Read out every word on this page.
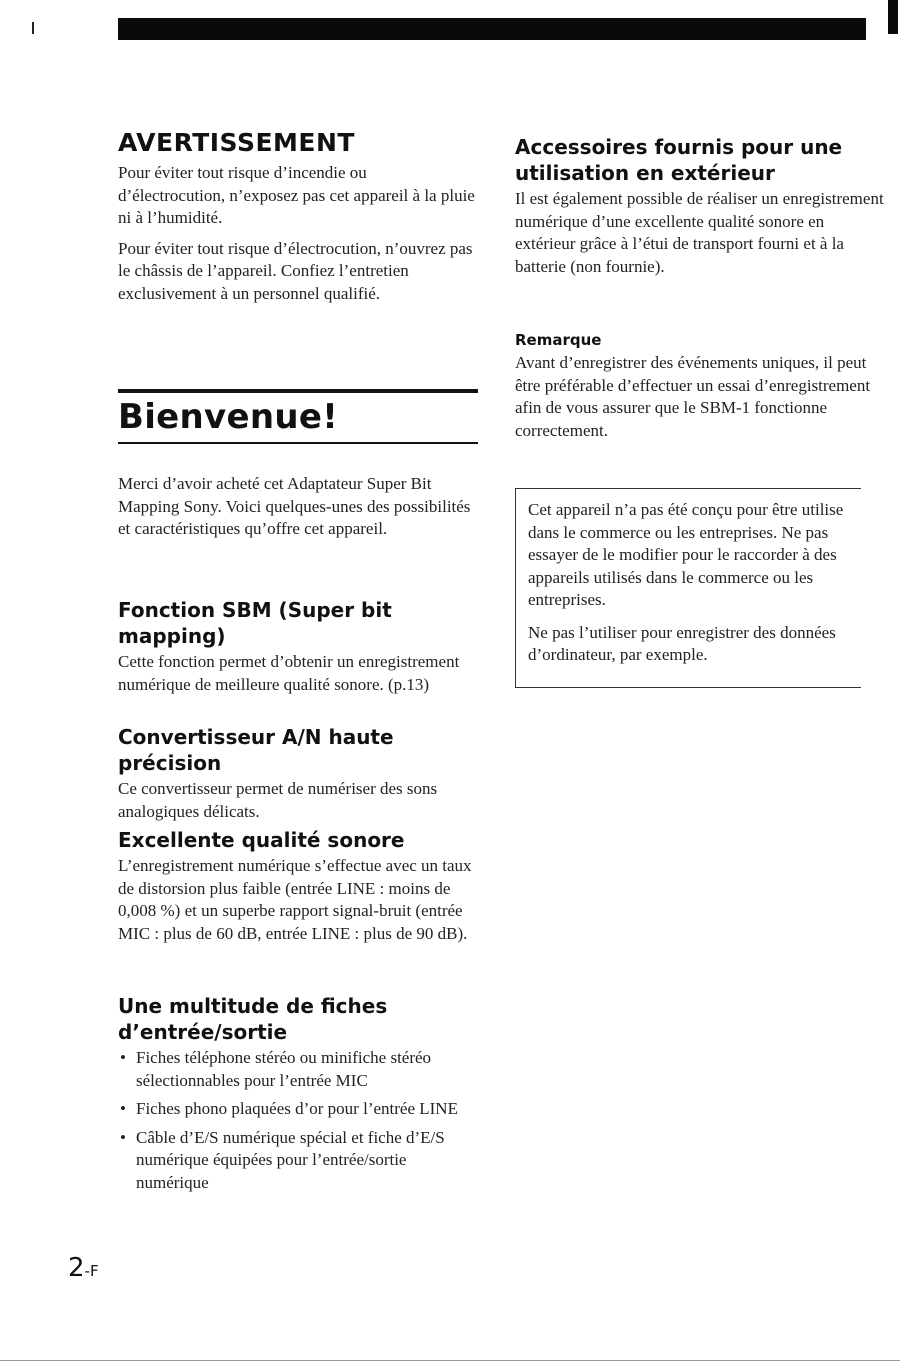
AVERTISSEMENT

Pour éviter tout risque d’incendie ou d’électrocution, n’exposez pas cet appareil à la pluie ni à l’humidité.

Pour éviter tout risque d’électrocution, n’ouvrez pas le châssis de l’appareil. Confiez l’entretien exclusivement à un personnel qualifié.

Bienvenue!

Merci d’avoir acheté cet Adaptateur Super Bit Mapping Sony. Voici quelques-unes des possibilités et caractéristiques qu’offre cet appareil.

Fonction SBM (Super bit mapping)

Cette fonction permet d’obtenir un enregistrement numérique de meilleure qualité sonore. (p.13)

Convertisseur A/N haute précision

Ce convertisseur permet de numériser des sons analogiques délicats.

Excellente qualité sonore

L’enregistrement numérique s’effectue avec un taux de distorsion plus faible (entrée LINE : moins de 0,008 %) et un superbe rapport signal-bruit (entrée MIC : plus de 60 dB, entrée LINE : plus de 90 dB).

Une multitude de fiches d’entrée/sortie
• Fiches téléphone stéréo ou minifiche stéréo sélectionnables pour l’entrée MIC
• Fiches phono plaquées d’or pour l’entrée LINE
• Câble d’E/S numérique spécial et fiche d’E/S numérique équipées pour l’entrée/sortie numérique
Accessoires fournis pour une utilisation en extérieur

Il est également possible de réaliser un enregistrement numérique d’une excellente qualité sonore en extérieur grâce à l’étui de transport fourni et à la batterie (non fournie).

Remarque

Avant d’enregistrer des événements uniques, il peut être préférable d’effectuer un essai d’enregistrement afin de vous assurer que le SBM-1 fonctionne correctement.

Cet appareil n’a pas été conçu pour être utilise dans le commerce ou les entreprises. Ne pas essayer de le modifier pour le raccorder à des appareils utilisés dans le commerce ou les entreprises.

Ne pas l’utiliser pour enregistrer des données d’ordinateur, par exemple.

2-F
